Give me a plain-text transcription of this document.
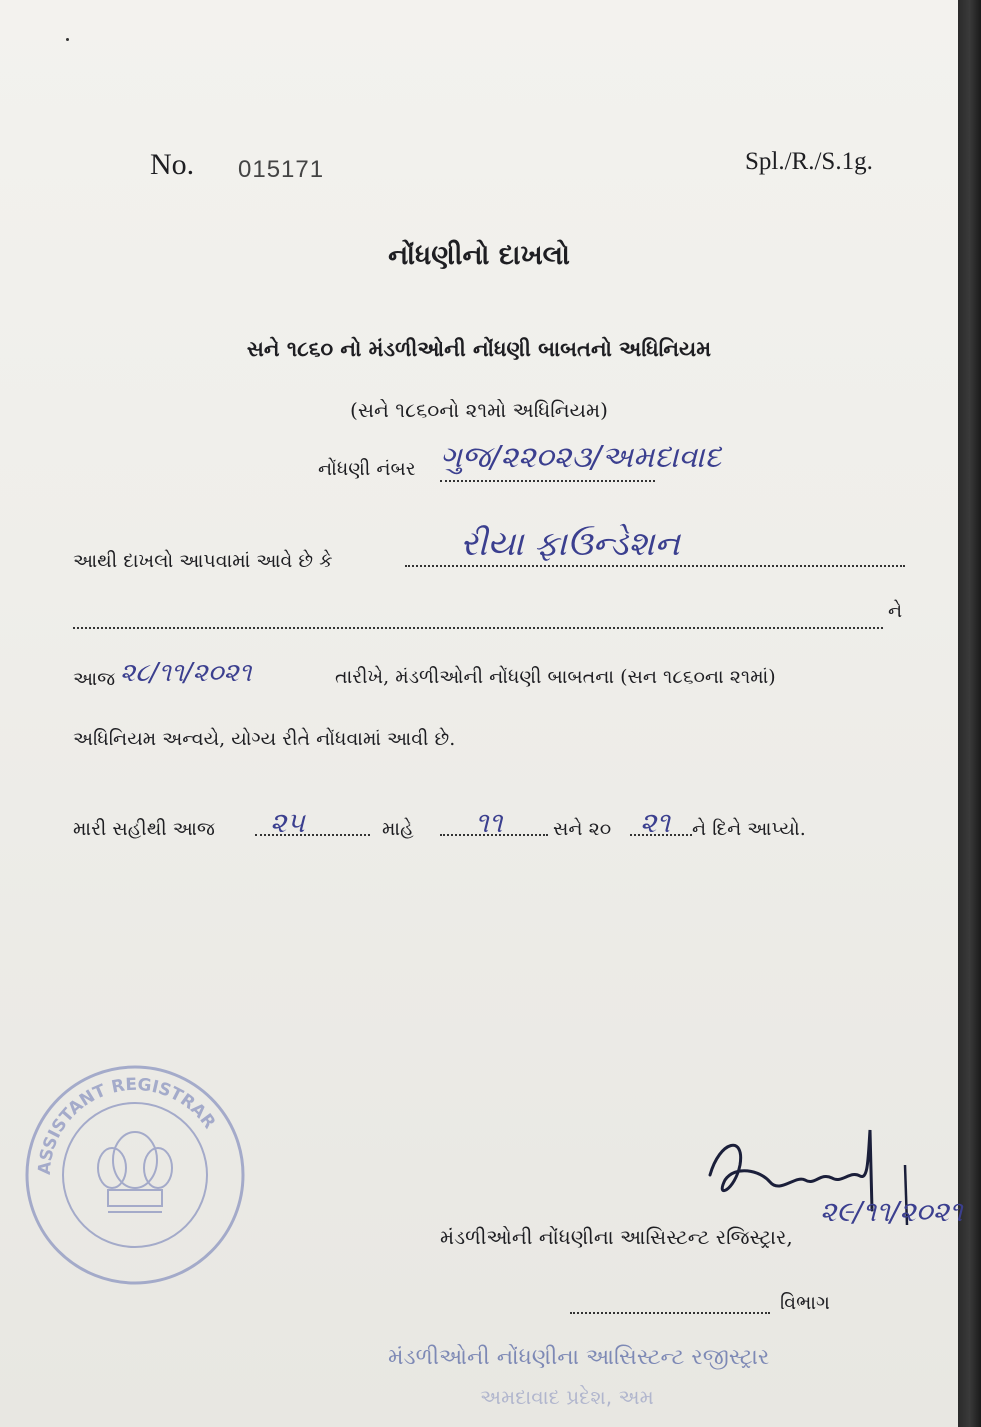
No. 015171	Spl./R./S.1g.
નોંધણીનો દાખલો
સને ૧૮૬૦ નો મંડળીઓની નોંધણી બાબતનો અધિનિયમ
(સને ૧૮૬૦નો ૨૧મો અધિનિયમ)
નોંધણી નંબર ગુજ/૨૨૦૨૩/અમદાવાદ
આથી દાખલો આપવામાં આવે છે કે	રીયા ફાઉન્ડેશન
ને
આજ ૨૮/૧૧/૨૦૨૧	તારીખે, મંડળીઓની નોંધણી બાબતના (સન ૧૮૬૦ના ૨૧માં)
અધિનિયમ અન્વયે, યોગ્ય રીતે નોંધવામાં આવી છે.
મારી સહીથી આજ ૨૫	માહે ૧૧	સને ૨૦ ૨૧ ને દિને આપ્યો.
ASSISTANT REGISTRAR
૨૯/૧૧/૨૦૨૧
મંડળીઓની નોંધણીના આસિસ્ટન્ટ રજિસ્ટ્રાર,
વિભાગ
મંડળીઓની નોંધણીના આસિસ્ટન્ટ રજીસ્ટ્રાર
અમદાવાદ પ્રદેશ, અમ
